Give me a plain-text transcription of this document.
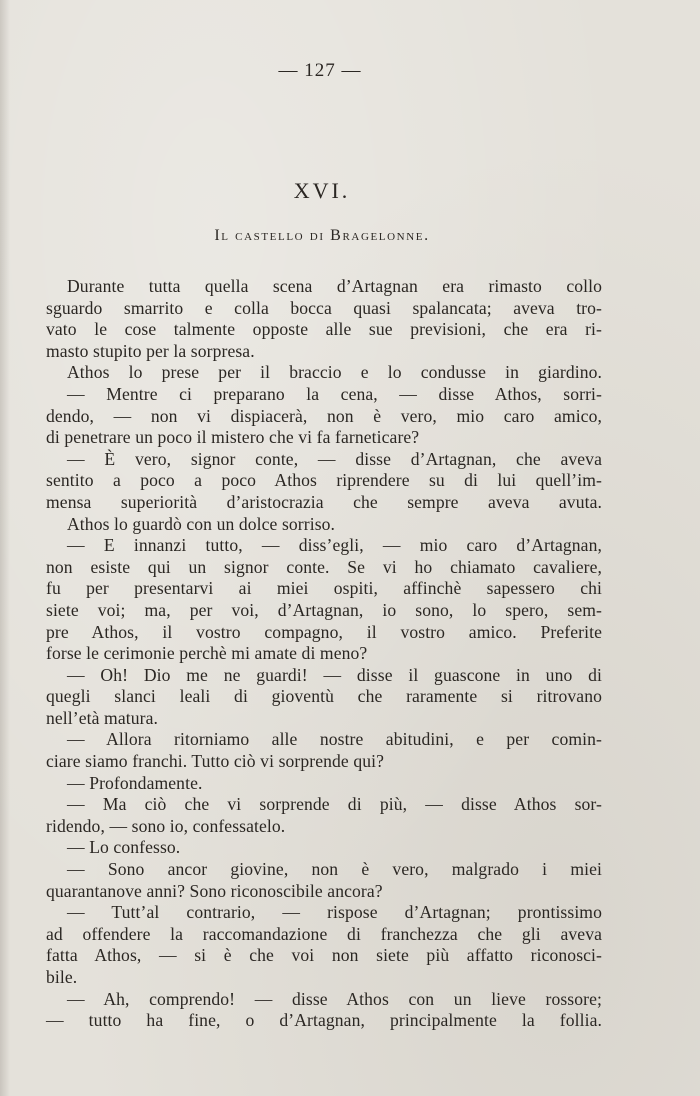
— 127 —
XVI.
Il castello di Bragelonne.
Durante tutta quella scena d’Artagnan era rimasto collo
sguardo smarrito e colla bocca quasi spalancata; aveva tro-
vato le cose talmente opposte alle sue previsioni, che era ri-
masto stupito per la sorpresa.
Athos lo prese per il braccio e lo condusse in giardino.
— Mentre ci preparano la cena, — disse Athos, sorri-
dendo, — non vi dispiacerà, non è vero, mio caro amico,
di penetrare un poco il mistero che vi fa farneticare?
— È vero, signor conte, — disse d’Artagnan, che aveva
sentito a poco a poco Athos riprendere su di lui quell’im-
mensa superiorità d’aristocrazia che sempre aveva avuta.
Athos lo guardò con un dolce sorriso.
— E innanzi tutto, — diss’egli, — mio caro d’Artagnan,
non esiste qui un signor conte. Se vi ho chiamato cavaliere,
fu per presentarvi ai miei ospiti, affinchè sapessero chi
siete voi; ma, per voi, d’Artagnan, io sono, lo spero, sem-
pre Athos, il vostro compagno, il vostro amico. Preferite
forse le cerimonie perchè mi amate di meno?
— Oh! Dio me ne guardi! — disse il guascone in uno di
quegli slanci leali di gioventù che raramente si ritrovano
nell’età matura.
— Allora ritorniamo alle nostre abitudini, e per comin-
ciare siamo franchi. Tutto ciò vi sorprende qui?
— Profondamente.
— Ma ciò che vi sorprende di più, — disse Athos sor-
ridendo, — sono io, confessatelo.
— Lo confesso.
— Sono ancor giovine, non è vero, malgrado i miei
quarantanove anni? Sono riconoscibile ancora?
— Tutt’al contrario, — rispose d’Artagnan; prontissimo
ad offendere la raccomandazione di franchezza che gli aveva
fatta Athos, — si è che voi non siete più affatto riconosci-
bile.
— Ah, comprendo! — disse Athos con un lieve rossore;
— tutto ha fine, o d’Artagnan, principalmente la follia.
